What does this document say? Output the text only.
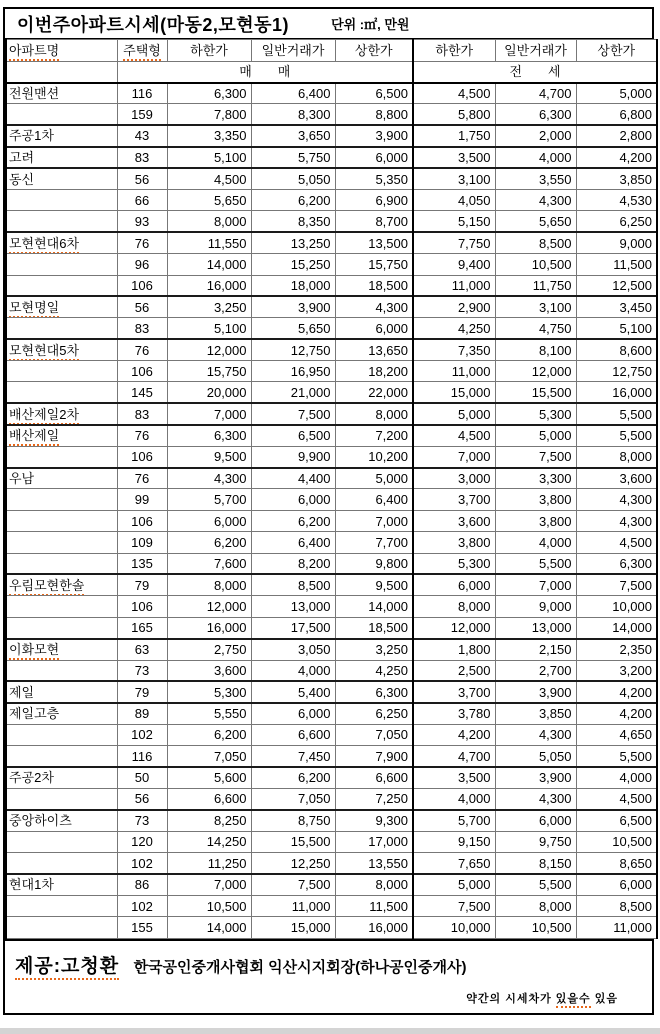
이번주아파트시세(마동2,모현동1)	단위 :㎡, 만원
아파트명	주택형	하한가	일반거래가	상한가	하한가	일반거래가	상한가
	매　　매				전　　세		
전원맨션	116	6,300	6,400	6,500	4,500	4,700	5,000
	159	7,800	8,300	8,800	5,800	6,300	6,800
주공1차	43	3,350	3,650	3,900	1,750	2,000	2,800
고려	83	5,100	5,750	6,000	3,500	4,000	4,200
동신	56	4,500	5,050	5,350	3,100	3,550	3,850
	66	5,650	6,200	6,900	4,050	4,300	4,530
	93	8,000	8,350	8,700	5,150	5,650	6,250
모현현대6차	76	11,550	13,250	13,500	7,750	8,500	9,000
	96	14,000	15,250	15,750	9,400	10,500	11,500
	106	16,000	18,000	18,500	11,000	11,750	12,500
모현명일	56	3,250	3,900	4,300	2,900	3,100	3,450
	83	5,100	5,650	6,000	4,250	4,750	5,100
모현현대5차	76	12,000	12,750	13,650	7,350	8,100	8,600
	106	15,750	16,950	18,200	11,000	12,000	12,750
	145	20,000	21,000	22,000	15,000	15,500	16,000
배산제일2차	83	7,000	7,500	8,000	5,000	5,300	5,500
배산제일	76	6,300	6,500	7,200	4,500	5,000	5,500
	106	9,500	9,900	10,200	7,000	7,500	8,000
우남	76	4,300	4,400	5,000	3,000	3,300	3,600
	99	5,700	6,000	6,400	3,700	3,800	4,300
	106	6,000	6,200	7,000	3,600	3,800	4,300
	109	6,200	6,400	7,700	3,800	4,000	4,500
	135	7,600	8,200	9,800	5,300	5,500	6,300
우림모현한솔	79	8,000	8,500	9,500	6,000	7,000	7,500
	106	12,000	13,000	14,000	8,000	9,000	10,000
	165	16,000	17,500	18,500	12,000	13,000	14,000
이화모현	63	2,750	3,050	3,250	1,800	2,150	2,350
	73	3,600	4,000	4,250	2,500	2,700	3,200
제일	79	5,300	5,400	6,300	3,700	3,900	4,200
제일고층	89	5,550	6,000	6,250	3,780	3,850	4,200
	102	6,200	6,600	7,050	4,200	4,300	4,650
	116	7,050	7,450	7,900	4,700	5,050	5,500
주공2차	50	5,600	6,200	6,600	3,500	3,900	4,000
	56	6,600	7,050	7,250	4,000	4,300	4,500
중앙하이츠	73	8,250	8,750	9,300	5,700	6,000	6,500
	120	14,250	15,500	17,000	9,150	9,750	10,500
	102	11,250	12,250	13,550	7,650	8,150	8,650
현대1차	86	7,000	7,500	8,000	5,000	5,500	6,000
	102	10,500	11,000	11,500	7,500	8,000	8,500
	155	14,000	15,000	16,000	10,000	10,500	11,000
제공:고청환 한국공인중개사협회 익산시지회장(하나공인중개사)
약간의 시세차가 있을수 있음
